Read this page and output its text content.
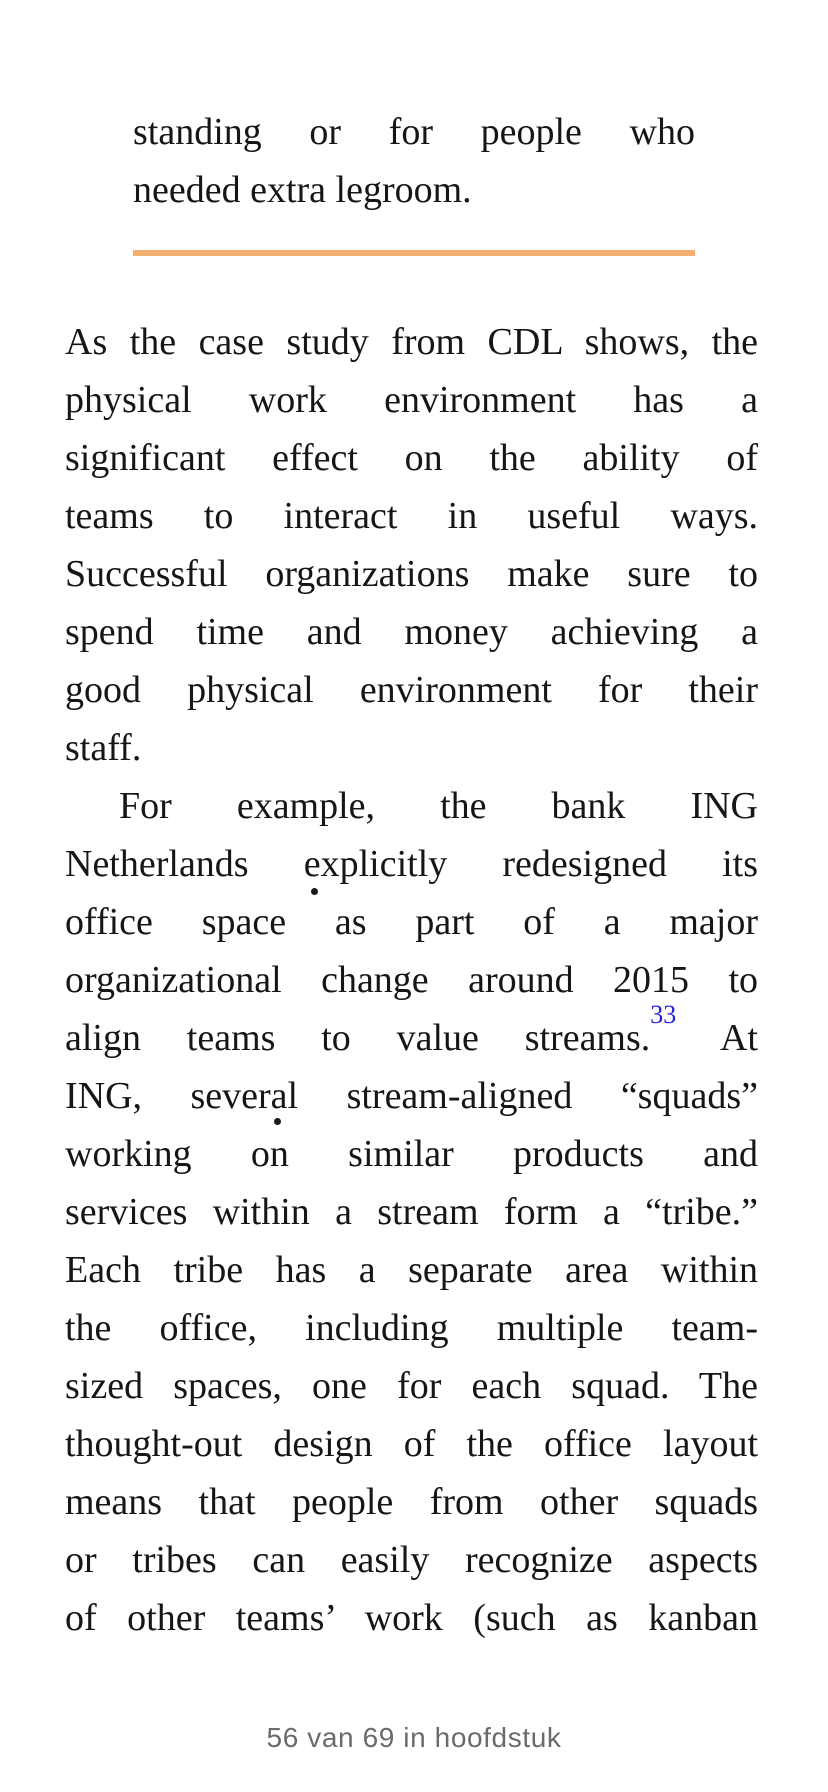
standing or for people who
needed extra legroom.
As the case study from CDL shows, the
physical work environment has a
significant effect on the ability of
teams to interact in useful ways.
Successful organizations make sure to
spend time and money achieving a
good physical environment for their
staff.
For example, the bank ING
Netherlands explicitly redesigned its
office space as part of a major
organizational change around 2015 to
align teams to value streams.$^{33}$ At
ING, several stream-aligned “squads”
working on similar products and
services within a stream form a “tribe.”
Each tribe has a separate area within
the office, including multiple team-
sized spaces, one for each squad. The
thought-out design of the office layout
means that people from other squads
or tribes can easily recognize aspects
of other teams’ work (such as kanban
56 van 69 in hoofdstuk
